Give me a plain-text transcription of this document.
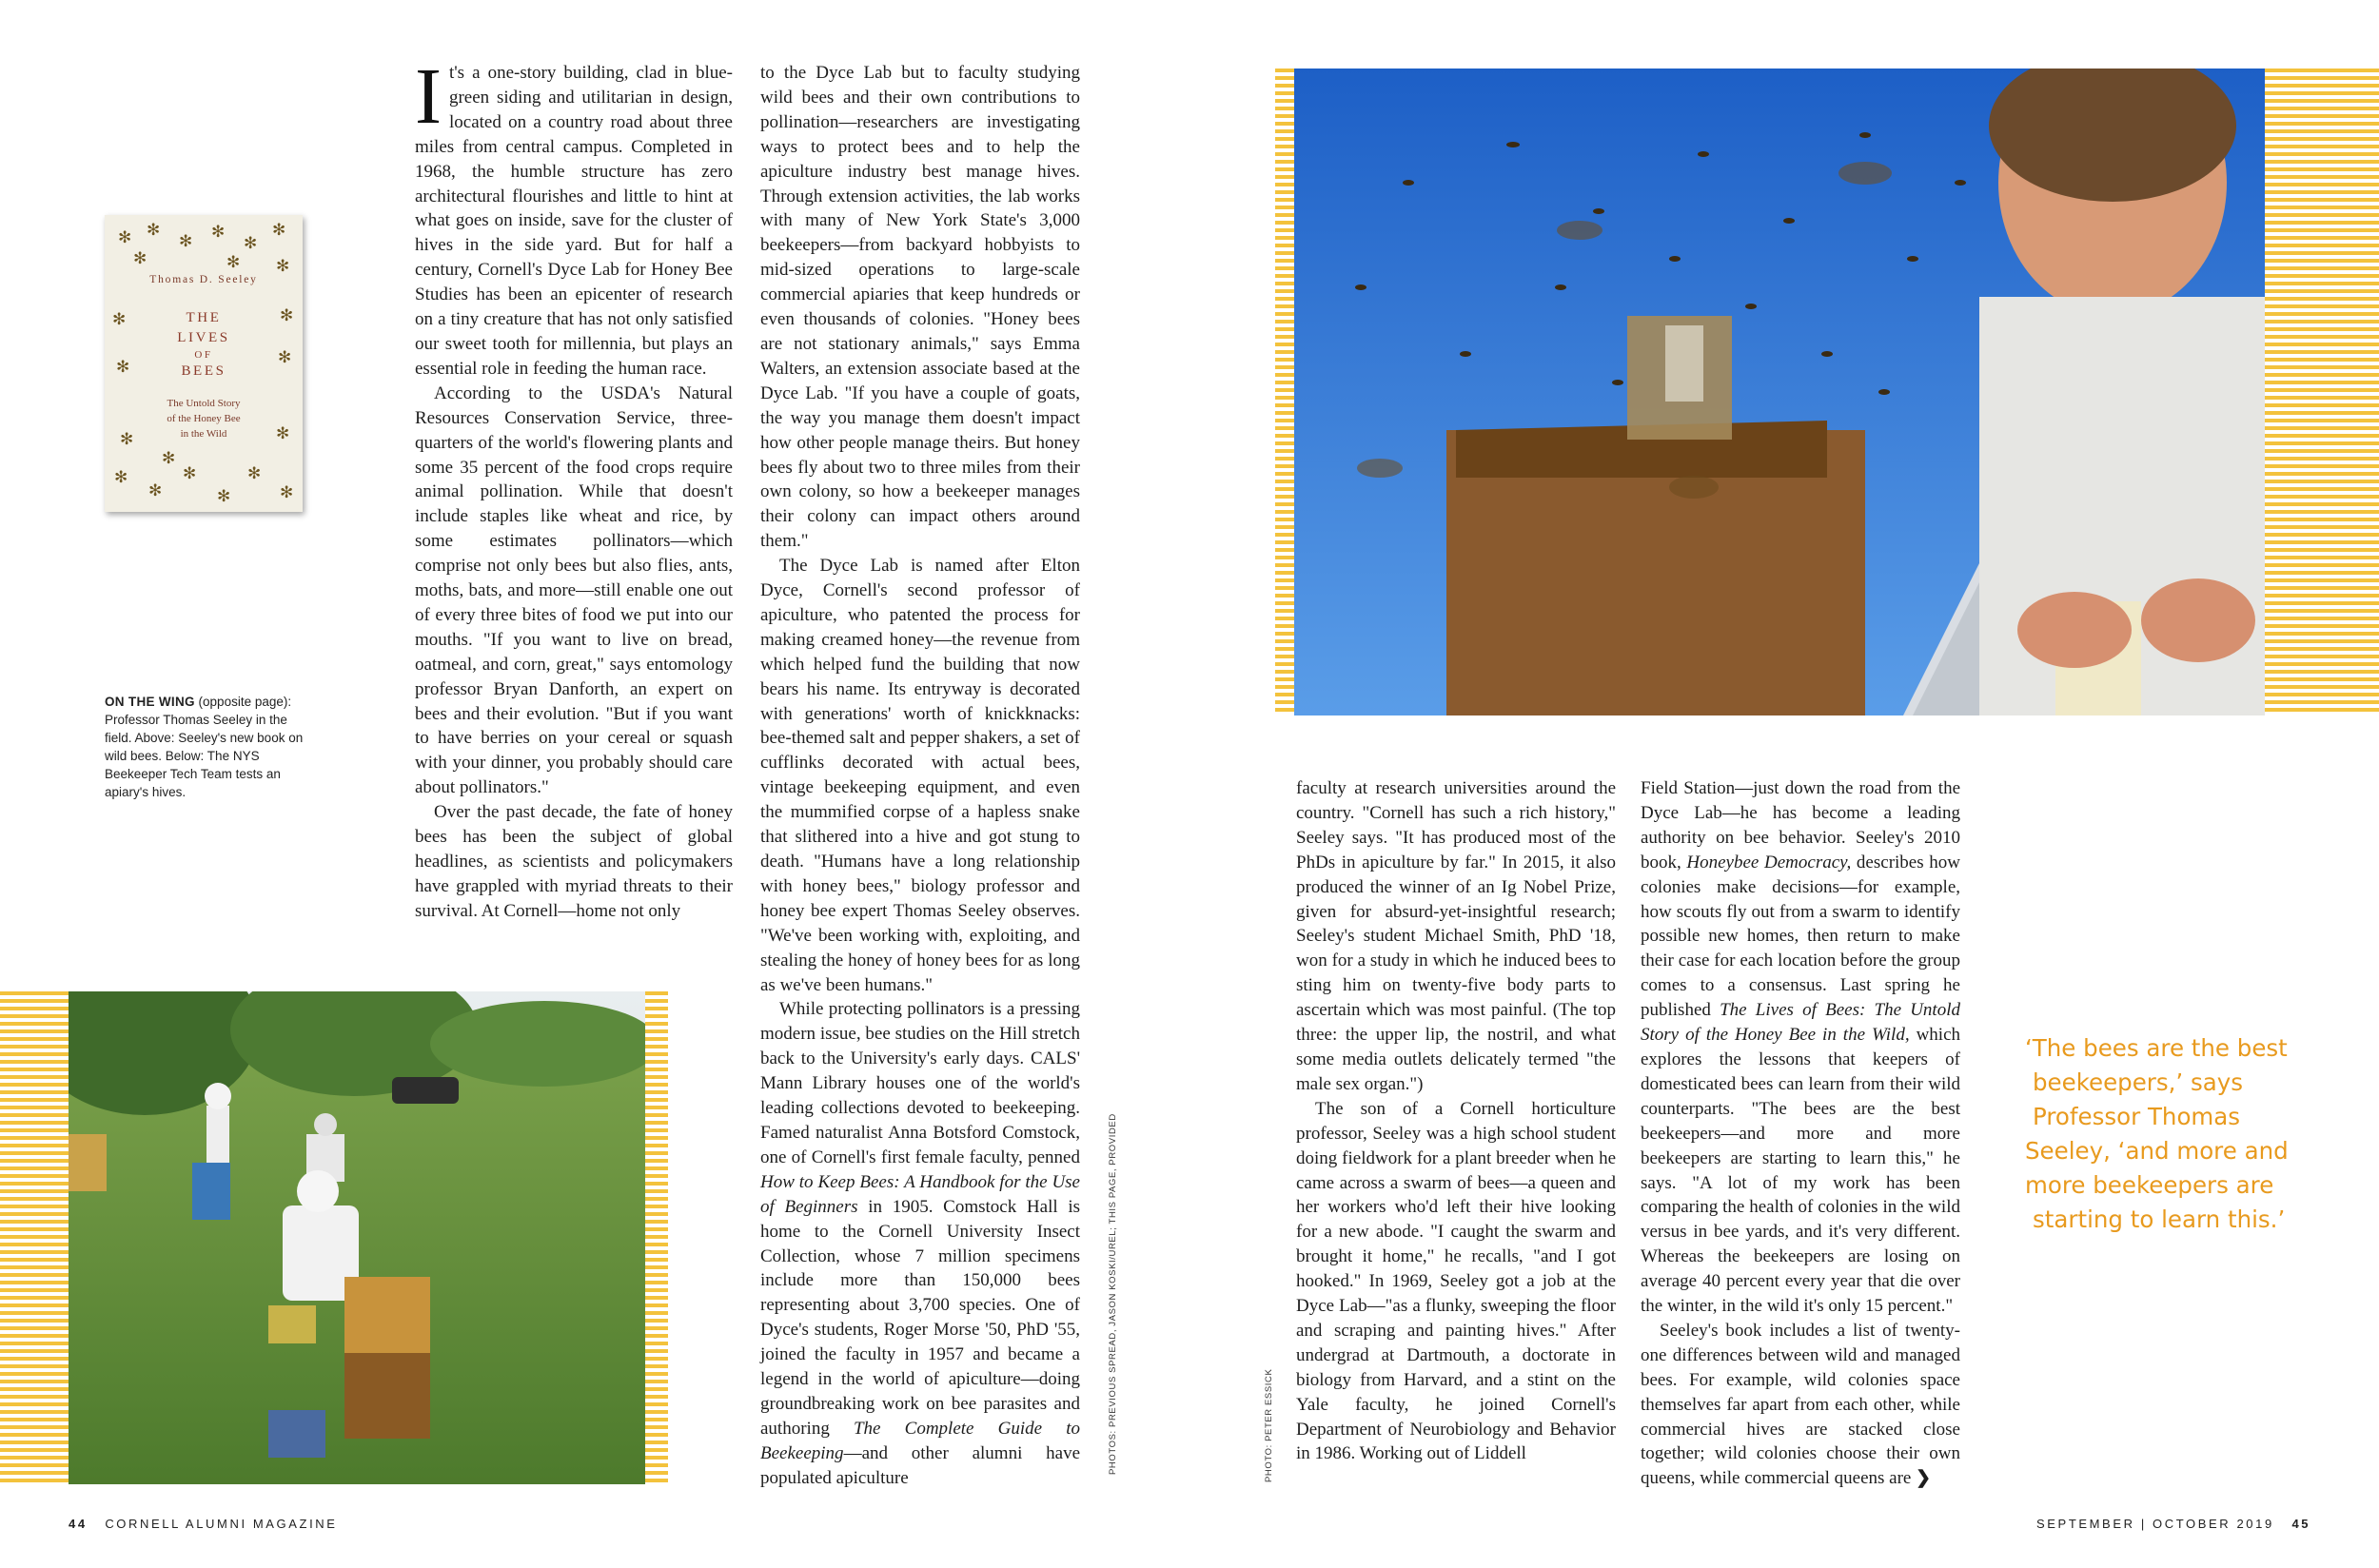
✻ ✻
✻
✻
✻
✻
✻	✻ ✻
✻	✻
✻
✻
✻	✻
✻
✻
✻
✻
✻
✻
✻
Thomas D. Seeley
THE
LIVES
OF
BEES
The Untold Story
of the Honey Bee
in the Wild
ON THE WING (opposite page): Professor Thomas Seeley in the field. Above: Seeley's new book on wild bees. Below: The NYS Beekeeper Tech Team tests an apiary's hives.

It's a one-story building, clad in blue-green siding and utilitarian in design, located on a country road about three miles from central campus. Completed in 1968, the humble structure has zero architectural flourishes and little to hint at what goes on inside, save for the cluster of hives in the side yard. But for half a century, Cornell's Dyce Lab for Honey Bee Studies has been an epicenter of research on a tiny creature that has not only satisfied our sweet tooth for millennia, but plays an essential role in feeding the human race.

According to the USDA's Natural Resources Conservation Service, three-quarters of the world's flowering plants and some 35 percent of the food crops require animal pollination. While that doesn't include staples like wheat and rice, by some estimates pollinators—which comprise not only bees but also flies, ants, moths, bats, and more—still enable one out of every three bites of food we put into our mouths. "If you want to live on bread, oatmeal, and corn, great," says entomology professor Bryan Danforth, an expert on bees and their evolution. "But if you want to have berries on your cereal or squash with your dinner, you probably should care about pollinators."

Over the past decade, the fate of honey bees has been the subject of global headlines, as scientists and policymakers have grappled with myriad threats to their survival. At Cornell—home not only

to the Dyce Lab but to faculty studying wild bees and their own contributions to pollination—researchers are investigating ways to protect bees and to help the apiculture industry best manage hives. Through extension activities, the lab works with many of New York State's 3,000 beekeepers—from backyard hobbyists to mid-sized operations to large-scale commercial apiaries that keep hundreds or even thousands of colonies. "Honey bees are not stationary animals," says Emma Walters, an extension associate based at the Dyce Lab. "If you have a couple of goats, the way you manage them doesn't impact how other people manage theirs. But honey bees fly about two to three miles from their own colony, so how a beekeeper manages their colony can impact others around them."

The Dyce Lab is named after Elton Dyce, Cornell's second professor of apiculture, who patented the process for making creamed honey—the revenue from which helped fund the building that now bears his name. Its entryway is decorated with generations' worth of knickknacks: bee-themed salt and pepper shakers, a set of cufflinks decorated with actual bees, vintage beekeeping equipment, and even the mummified corpse of a hapless snake that slithered into a hive and got stung to death. "Humans have a long relationship with honey bees," biology professor and honey bee expert Thomas Seeley observes. "We've been working with, exploiting, and stealing the honey of honey bees for as long as we've been humans."

While protecting pollinators is a pressing modern issue, bee studies on the Hill stretch back to the University's early days. CALS' Mann Library houses one of the world's leading collections devoted to beekeeping. Famed naturalist Anna Botsford Comstock, one of Cornell's first female faculty, penned How to Keep Bees: A Handbook for the Use of Beginners in 1905. Comstock Hall is home to the Cornell University Insect Collection, whose 7 million specimens include more than 150,000 bees representing about 3,700 species. One of Dyce's students, Roger Morse '50, PhD '55, joined the faculty in 1957 and became a legend in the world of apiculture—doing groundbreaking work on bee parasites and authoring The Complete Guide to Beekeeping—and other alumni have populated apiculture

PHOTOS: PREVIOUS SPREAD, JASON KOSKI/UREL; THIS PAGE, PROVIDED
44 CORNELL ALUMNI MAGAZINE

faculty at research universities around the country. "Cornell has such a rich history," Seeley says. "It has produced most of the PhDs in apiculture by far." In 2015, it also produced the winner of an Ig Nobel Prize, given for absurd-yet-insightful research; Seeley's student Michael Smith, PhD '18, won for a study in which he induced bees to sting him on twenty-five body parts to ascertain which was most painful. (The top three: the upper lip, the nostril, and what some media outlets delicately termed "the male sex organ.")

The son of a Cornell horticulture professor, Seeley was a high school student doing fieldwork for a plant breeder when he came across a swarm of bees—a queen and her workers who'd left their hive looking for a new abode. "I caught the swarm and brought it home," he recalls, "and I got hooked." In 1969, Seeley got a job at the Dyce Lab—"as a flunky, sweeping the floor and scraping and painting hives." After undergrad at Dartmouth, a doctorate in biology from Harvard, and a stint on the Yale faculty, he joined Cornell's Department of Neurobiology and Behavior in 1986. Working out of Liddell

Field Station—just down the road from the Dyce Lab—he has become a leading authority on bee behavior. Seeley's 2010 book, Honeybee Democracy, describes how colonies make decisions—for example, how scouts fly out from a swarm to identify possible new homes, then return to make their case for each location before the group comes to a consensus. Last spring he published The Lives of Bees: The Untold Story of the Honey Bee in the Wild, which explores the lessons that keepers of domesticated bees can learn from their wild counterparts. "The bees are the best beekeepers—and more and more beekeepers are starting to learn this," he says. "A lot of my work has been comparing the health of colonies in the wild versus in bee yards, and it's very different. Whereas the beekeepers are losing on average 40 percent every year that die over the winter, in the wild it's only 15 percent."

Seeley's book includes a list of twenty-one differences between wild and managed bees. For example, wild colonies space themselves far apart from each other, while commercial hives are stacked close together; wild colonies choose their own queens, while commercial queens are ❯

‘The bees are the best
beekeepers,’ says
Professor Thomas
Seeley, ‘and more and
more beekeepers are
starting to learn this.’
PHOTO: PETER ESSICK
SEPTEMBER | OCTOBER 2019 45
